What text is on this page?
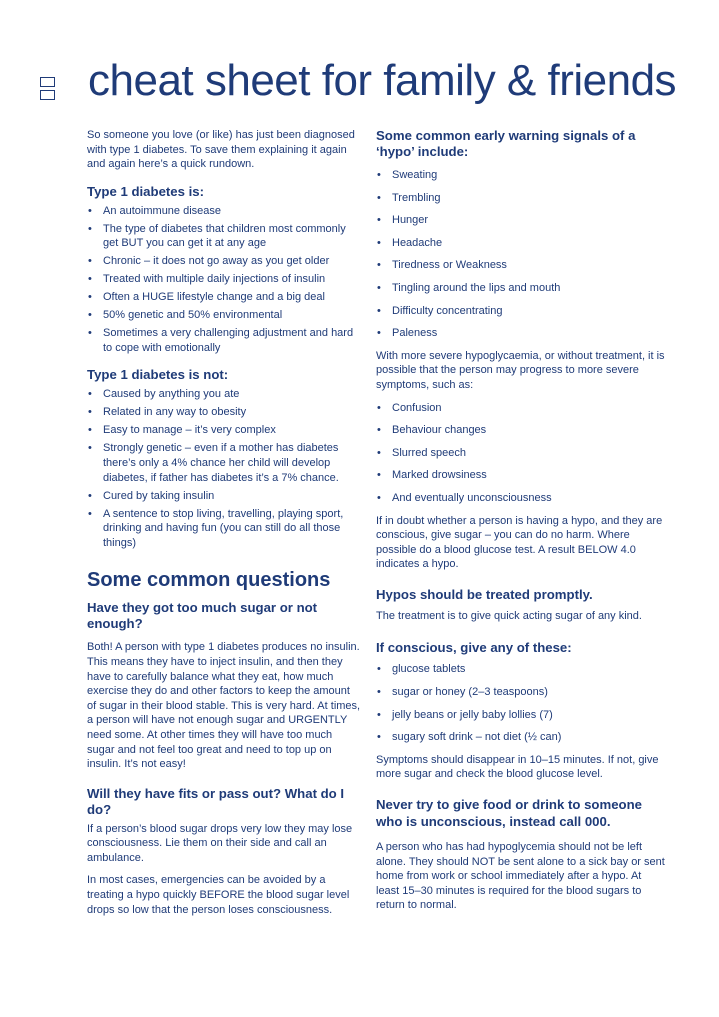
cheat sheet for family & friends

So someone you love (or like) has just been diagnosed with type 1 diabetes. To save them explaining it again and again here’s a quick rundown.

Type 1 diabetes is:
• An autoimmune disease
• The type of diabetes that children most commonly get BUT you can get it at any age
• Chronic – it does not go away as you get older
• Treated with multiple daily injections of insulin
• Often a HUGE lifestyle change and a big deal
• 50% genetic and 50% environmental
• Sometimes a very challenging adjustment and hard to cope with emotionally
Type 1 diabetes is not:
• Caused by anything you ate
• Related in any way to obesity
• Easy to manage – it’s very complex
• Strongly genetic – even if a mother has diabetes there’s only a 4% chance her child will develop diabetes, if father has diabetes it’s a 7% chance.
• Cured by taking insulin
• A sentence to stop living, travelling, playing sport, drinking and having fun (you can still do all those things)
Some common questions
Have they got too much sugar or not enough?

Both! A person with type 1 diabetes produces no insulin. This means they have to inject insulin, and then they have to carefully balance what they eat, how much exercise they do and other factors to keep the amount of sugar in their blood stable. This is very hard. At times, a person will have not enough sugar and URGENTLY need some. At other times they will have too much sugar and not feel too great and need to top up on insulin. It’s not easy!

Will they have fits or pass out? What do I do?

If a person’s blood sugar drops very low they may lose consciousness. Lie them on their side and call an ambulance.

In most cases, emergencies can be avoided by a treating a hypo quickly BEFORE the blood sugar level drops so low that the person loses consciousness.

Some common early warning signals of a ‘hypo’ include:
• Sweating
• Trembling
• Hunger
• Headache
• Tiredness or Weakness
• Tingling around the lips and mouth
• Difficulty concentrating
• Paleness

With more severe hypoglycaemia, or without treatment, it is possible that the person may progress to more severe symptoms, such as:

• Confusion
• Behaviour changes
• Slurred speech
• Marked drowsiness
• And eventually unconsciousness

If in doubt whether a person is having a hypo, and they are conscious, give sugar – you can do no harm. Where possible do a blood glucose test. A result BELOW 4.0 indicates a hypo.

Hypos should be treated promptly.

The treatment is to give quick acting sugar of any kind.

If conscious, give any of these:
• glucose tablets
• sugar or honey (2–3 teaspoons)
• jelly beans or jelly baby lollies (7)
• sugary soft drink – not diet (½ can)

Symptoms should disappear in 10–15 minutes. If not, give more sugar and check the blood glucose level.

Never try to give food or drink to someone who is unconscious, instead call 000.

A person who has had hypoglycemia should not be left alone. They should NOT be sent alone to a sick bay or sent home from work or school immediately after a hypo. At least 15–30 minutes is required for the blood sugars to return to normal.
